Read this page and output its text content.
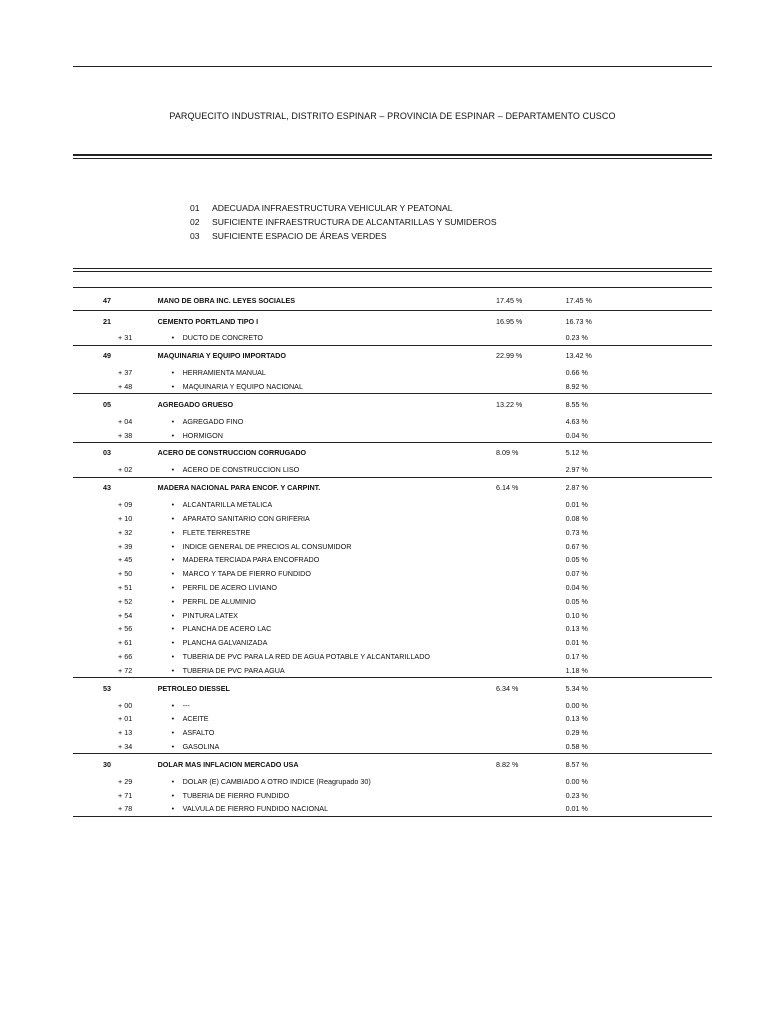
PARQUECITO INDUSTRIAL, DISTRITO ESPINAR – PROVINCIA DE ESPINAR – DEPARTAMENTO CUSCO
01 ADECUADA INFRAESTRUCTURA VEHICULAR Y PEATONAL
02 SUFICIENTE INFRAESTRUCTURA DE ALCANTARILLAS Y SUMIDEROS
03 SUFICIENTE ESPACIO DE ÁREAS VERDES
47	MANO DE OBRA INC. LEYES SOCIALES	17.45 %	17.45 %

21	CEMENTO PORTLAND TIPO I	16.95 %	16.73 %
+ 31	• DUCTO DE CONCRETO		0.23 %

49	MAQUINARIA Y EQUIPO IMPORTADO	22.99 %	13.42 %
+ 37	• HERRAMIENTA MANUAL		0.66 %
+ 48	• MAQUINARIA Y EQUIPO NACIONAL		8.92 %

05	AGREGADO GRUESO	13.22 %	8.55 %
+ 04	• AGREGADO FINO		4.63 %
+ 38	• HORMIGON		0.04 %

03	ACERO DE CONSTRUCCION CORRUGADO	8.09 %	5.12 %
+ 02	• ACERO DE CONSTRUCCION LISO		2.97 %

43	MADERA NACIONAL PARA ENCOF. Y CARPINT.	6.14 %	2.87 %
+ 09	• ALCANTARILLA METALICA		0.01 %
+ 10	• APARATO SANITARIO CON GRIFERIA		0.08 %
+ 32	• FLETE TERRESTRE		0.73 %
+ 39	• INDICE GENERAL DE PRECIOS AL CONSUMIDOR		0.67 %
+ 45	• MADERA TERCIADA PARA ENCOFRADO		0.05 %
+ 50	• MARCO Y TAPA DE FIERRO FUNDIDO		0.07 %
+ 51	• PERFIL DE ACERO LIVIANO		0.04 %
+ 52	• PERFIL DE ALUMINIO		0.05 %
+ 54	• PINTURA LATEX		0.10 %
+ 56	• PLANCHA DE ACERO LAC		0.13 %
+ 61	• PLANCHA GALVANIZADA		0.01 %
+ 66	• TUBERIA DE PVC PARA LA RED DE AGUA POTABLE Y ALCANTARILLADO		0.17 %
+ 72	• TUBERIA DE PVC PARA AGUA		1.18 %

53	PETROLEO DIESSEL	6.34 %	5.34 %
+ 00	• ---		0.00 %
+ 01	• ACEITE		0.13 %
+ 13	• ASFALTO		0.29 %
+ 34	• GASOLINA		0.58 %

30	DOLAR MAS INFLACION MERCADO USA	8.82 %	8.57 %
+ 29	• DOLAR (E) CAMBIADO A OTRO INDICE (Reagrupado 30)		0.00 %
+ 71	• TUBERIA DE FIERRO FUNDIDO		0.23 %
+ 78	• VALVULA DE FIERRO FUNDIDO NACIONAL		0.01 %
